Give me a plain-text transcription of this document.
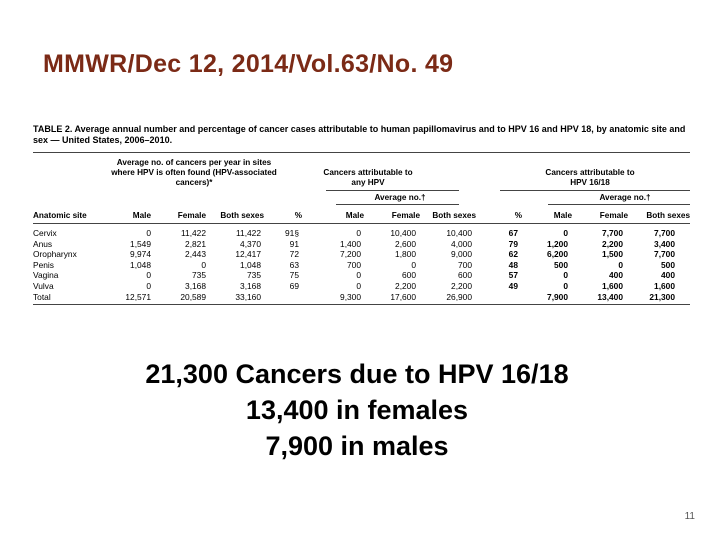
MMWR/Dec 12, 2014/Vol.63/No. 49
TABLE 2. Average annual number and percentage of cancer cases attributable to human papillomavirus and to HPV 16 and HPV 18, by anatomic site and sex — United States, 2006–2010.
Average no. of cancers per year in sites where HPV is often found (HPV-associated cancers)*
Cancers attributable to any HPV
Cancers attributable to HPV 16/18
Average no.†	Average no.†
Anatomic site	Male	Female	Both sexes	%	Male	Female	Both sexes	%	Male	Female	Both sexes
Cervix	0	11,422	11,422	91§	0	10,400	10,400	67	0	7,700	7,700
Anus	1,549	2,821	4,370	91	1,400	2,600	4,000	79	1,200	2,200	3,400
Oropharynx	9,974	2,443	12,417	72	7,200	1,800	9,000	62	6,200	1,500	7,700
Penis	1,048	0	1,048	63	700	0	700	48	500	0	500
Vagina	0	735	735	75	0	600	600	57	0	400	400
Vulva	0	3,168	3,168	69	0	2,200	2,200	49	0	1,600	1,600
Total	12,571	20,589	33,160		9,300	17,600	26,900		7,900	13,400	21,300
21,300 Cancers due to HPV 16/18
13,400 in females
7,900 in males
11
